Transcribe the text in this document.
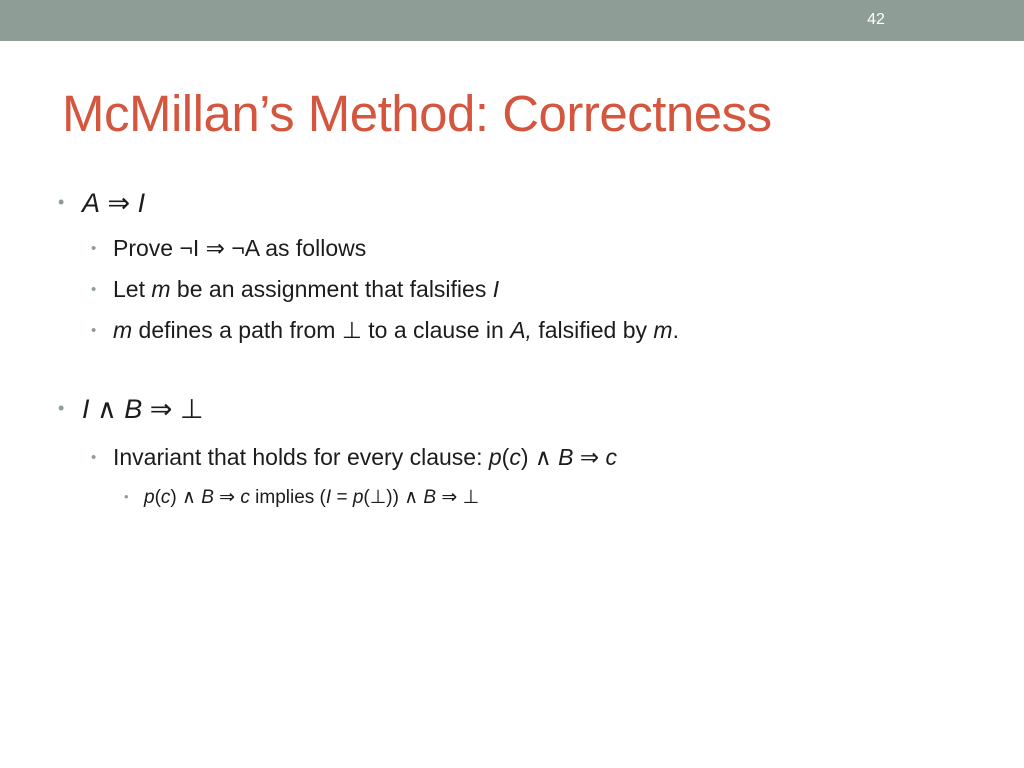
42
McMillan’s Method: Correctness

• A ⇒ I

• Prove ¬I ⇒ ¬A as follows

• Let m be an assignment that falsifies I

• m defines a path from ⊥ to a clause in A, falsified by m.

• I ∧ B ⇒ ⊥

• Invariant that holds for every clause: p(c) ∧ B ⇒ c

• p(c) ∧ B ⇒ c implies (I = p(⊥)) ∧ B ⇒ ⊥
